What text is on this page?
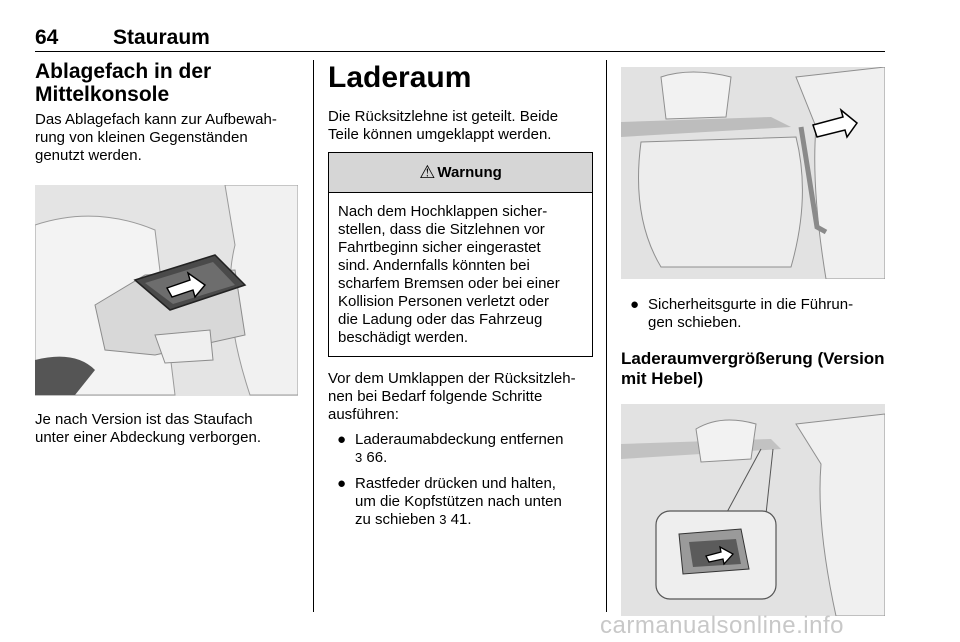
64	Stauraum
Ablagefach in der Mittelkonsole

Das Ablagefach kann zur Aufbewah-
rung von kleinen Gegenständen
genutzt werden.

Je nach Version ist das Staufach
unter einer Abdeckung verborgen.

Laderaum

Die Rücksitzlehne ist geteilt. Beide
Teile können umgeklappt werden.

⚠ Warnung
Nach dem Hochklappen sicher-
stellen, dass die Sitzlehnen vor
Fahrtbeginn sicher eingerastet
sind. Andernfalls könnten bei
scharfem Bremsen oder bei einer
Kollision Personen verletzt oder
die Ladung oder das Fahrzeug
beschädigt werden.

Vor dem Umklappen der Rücksitzleh-
nen bei Bedarf folgende Schritte
ausführen:

● Laderaumabdeckung entfernen
3 66.
● Rastfeder drücken und halten,
um die Kopfstützen nach unten
zu schieben 3 41.
● Sicherheitsgurte in die Führun-
gen schieben.
Laderaumvergrößerung (Version
mit Hebel)
carmanualsonline.info
